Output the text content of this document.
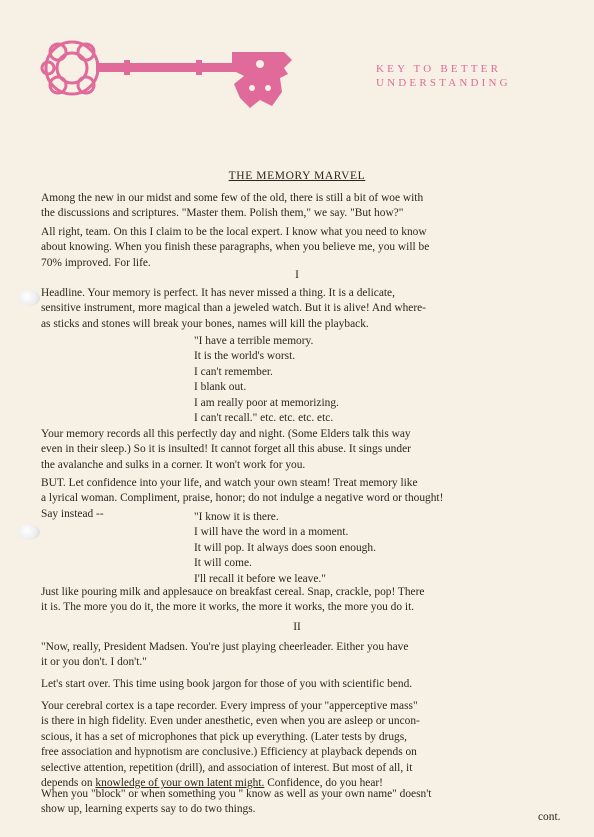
KEY TO BETTER
UNDERSTANDING
THE MEMORY MARVEL
Among the new in our midst and some few of the old, there is still a bit of woe with
the discussions and scriptures. "Master them. Polish them," we say. "But how?"
All right, team. On this I claim to be the local expert. I know what you need to know
about knowing. When you finish these paragraphs, when you believe me, you will be
70% improved. For life.
I
Headline. Your memory is perfect. It has never missed a thing. It is a delicate,
sensitive instrument, more magical than a jeweled watch. But it is alive! And where-
as sticks and stones will break your bones, names will kill the playback.
"I have a terrible memory.
It is the world's worst.
I can't remember.
I blank out.
I am really poor at memorizing.
I can't recall." etc. etc. etc. etc.
Your memory records all this perfectly day and night. (Some Elders talk this way
even in their sleep.) So it is insulted! It cannot forget all this abuse. It sings under
the avalanche and sulks in a corner. It won't work for you.
BUT. Let confidence into your life, and watch your own steam! Treat memory like
a lyrical woman. Compliment, praise, honor; do not indulge a negative word or thought!
Say instead --	"I know it is there.
I will have the word in a moment.
It will pop. It always does soon enough.
It will come.
I'll recall it before we leave."
Just like pouring milk and applesauce on breakfast cereal. Snap, crackle, pop! There
it is. The more you do it, the more it works, the more it works, the more you do it.
II
"Now, really, President Madsen. You're just playing cheerleader. Either you have
it or you don't. I don't."
Let's start over. This time using book jargon for those of you with scientific bend.
Your cerebral cortex is a tape recorder. Every impress of your "apperceptive mass"
is there in high fidelity. Even under anesthetic, even when you are asleep or uncon-
scious, it has a set of microphones that pick up everything. (Later tests by drugs,
free association and hypnotism are conclusive.) Efficiency at playback depends on
selective attention, repetition (drill), and association of interest. But most of all, it
depends on knowledge of your own latent might. Confidence, do you hear!
When you "block" or when something you " know as well as your own name" doesn't
show up, learning experts say to do two things.
cont.
